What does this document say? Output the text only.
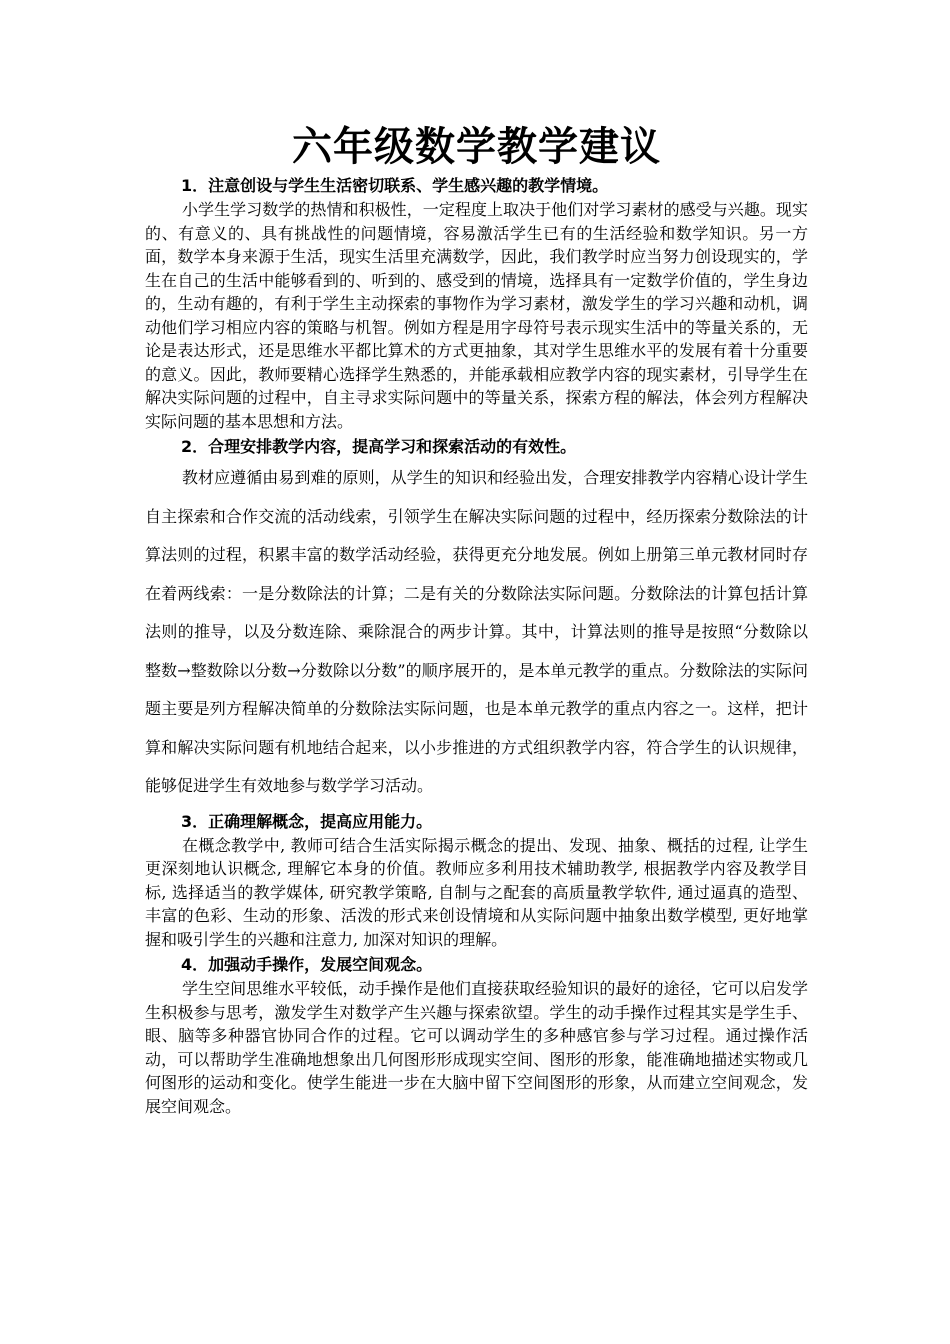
六年级数学教学建议
1．注意创设与学生生活密切联系、学生感兴趣的教学情境。

小学生学习数学的热情和积极性，一定程度上取决于他们对学习素材的感受与兴趣。现实的、有意义的、具有挑战性的问题情境，容易激活学生已有的生活经验和数学知识。另一方面，数学本身来源于生活，现实生活里充满数学，因此，我们教学时应当努力创设现实的，学生在自己的生活中能够看到的、听到的、感受到的情境，选择具有一定数学价值的，学生身边的，生动有趣的，有利于学生主动探索的事物作为学习素材，激发学生的学习兴趣和动机，调动他们学习相应内容的策略与机智。例如方程是用字母符号表示现实生活中的等量关系的，无论是表达形式，还是思维水平都比算术的方式更抽象，其对学生思维水平的发展有着十分重要的意义。因此，教师要精心选择学生熟悉的，并能承载相应教学内容的现实素材，引导学生在解决实际问题的过程中，自主寻求实际问题中的等量关系，探索方程的解法，体会列方程解决实际问题的基本思想和方法。

2．合理安排教学内容，提高学习和探索活动的有效性。

教材应遵循由易到难的原则，从学生的知识和经验出发，合理安排教学内容精心设计学生自主探索和合作交流的活动线索，引领学生在解决实际问题的过程中，经历探索分数除法的计算法则的过程，积累丰富的数学活动经验，获得更充分地发展。例如上册第三单元教材同时存在着两线索：一是分数除法的计算；二是有关的分数除法实际问题。分数除法的计算包括计算法则的推导，以及分数连除、乘除混合的两步计算。其中，计算法则的推导是按照“分数除以整数→整数除以分数→分数除以分数”的顺序展开的，是本单元教学的重点。分数除法的实际问题主要是列方程解决简单的分数除法实际问题，也是本单元教学的重点内容之一。这样，把计算和解决实际问题有机地结合起来，以小步推进的方式组织教学内容，符合学生的认识规律，能够促进学生有效地参与数学学习活动。

3．正确理解概念，提高应用能力。

在概念教学中, 教师可结合生活实际揭示概念的提出、发现、抽象、概括的过程, 让学生更深刻地认识概念, 理解它本身的价值。教师应多利用技术辅助教学, 根据教学内容及教学目标, 选择适当的教学媒体, 研究教学策略, 自制与之配套的高质量教学软件, 通过逼真的造型、丰富的色彩、生动的形象、活泼的形式来创设情境和从实际问题中抽象出数学模型, 更好地掌握和吸引学生的兴趣和注意力, 加深对知识的理解。

4．加强动手操作，发展空间观念。

学生空间思维水平较低，动手操作是他们直接获取经验知识的最好的途径，它可以启发学生积极参与思考，激发学生对数学产生兴趣与探索欲望。学生的动手操作过程其实是学生手、眼、脑等多种器官协同合作的过程。它可以调动学生的多种感官参与学习过程。通过操作活动，可以帮助学生准确地想象出几何图形形成现实空间、图形的形象，能准确地描述实物或几何图形的运动和变化。使学生能进一步在大脑中留下空间图形的形象，从而建立空间观念，发展空间观念。
